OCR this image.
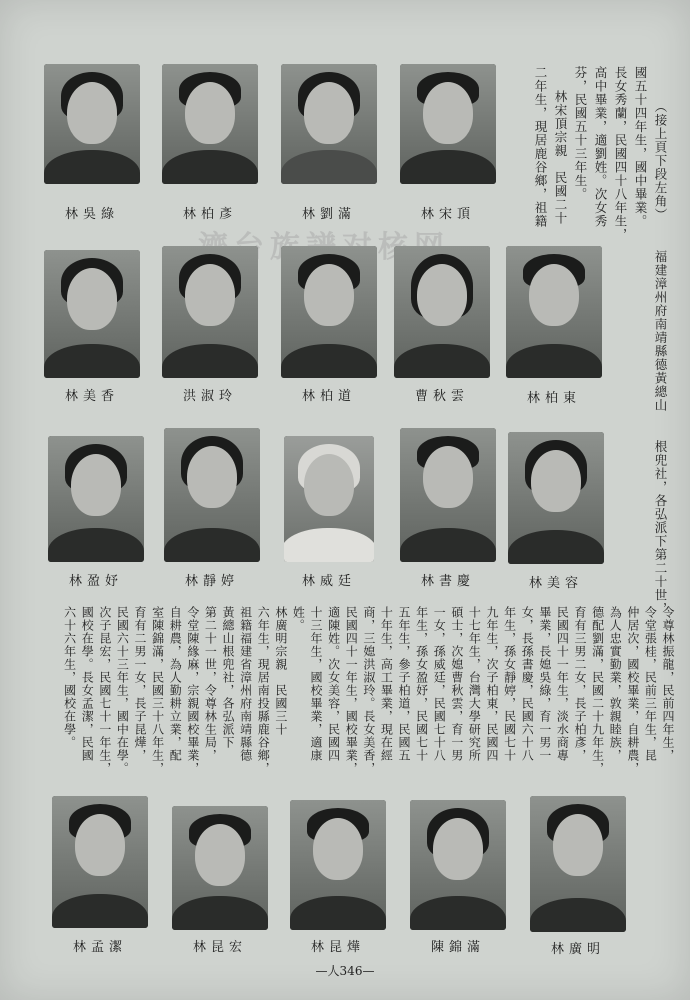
林吳綠	林柏彥	林劉滿	林宋頂	（接上頁下段左角）
國五十四年生，國中畢業。
長女秀蘭，民國四十八年生，
高中畢業，適劉姓。次女秀
芬，民國五十三年生。
林宋頂宗親　民國二十
二年生，現居鹿谷鄉，祖籍
林美香	洪淑玲	林柏道	曹秋雲	林柏東	福建漳州府南靖縣德黃總山
根兜社，各弘派下第二十世，
林盈妤	林靜婷	林威廷	林書慶	林美容
令尊林振龍，民前四年生，
令堂張桂，民前三年生，昆
仲居次，國校畢業，自耕農，
為人忠實勤業，敦親睦族，
德配劉滿，民國二十九年生，
育有三男二女，長子柏彥，
民國四十一年生，淡水商專
畢業，長媳吳綠，育一男一
女，長孫書慶，民國六十八
年生，孫女靜婷，民國七十
九年生，次子柏東，民國四
十七年生，台灣大學研究所
碩士，次媳曹秋雲，育一男
一女，孫威廷，民國七十八
年生，孫女盈妤，民國七十
五年生，參子柏道，民國五
十年生，高工畢業，現在經
商，三媳洪淑玲。長女美香，
民國四十一年生，國校畢業，
適陳姓。次女美容，民國四
十三年生，國校畢業，適康
姓。
林廣明宗親　民國三十
六年生，現居南投縣鹿谷鄉，
祖籍福建省漳州府南靖縣德
黃總山根兜社，各弘派下
第二十一世，令尊林生局，
令堂陳緣麻，宗親國校畢業，
自耕農，為人勤耕立業，配
室陳錦滿，民國三十八年生，
育有二男一女，長子昆燁，
民國六十三年生，國中在學。
次子昆宏，民國七十一年生，
國校在學。長女孟潔，民國
六十六年生，國校在學。
林孟潔	林昆宏	林昆燁	陳錦滿	林廣明
—人346—
